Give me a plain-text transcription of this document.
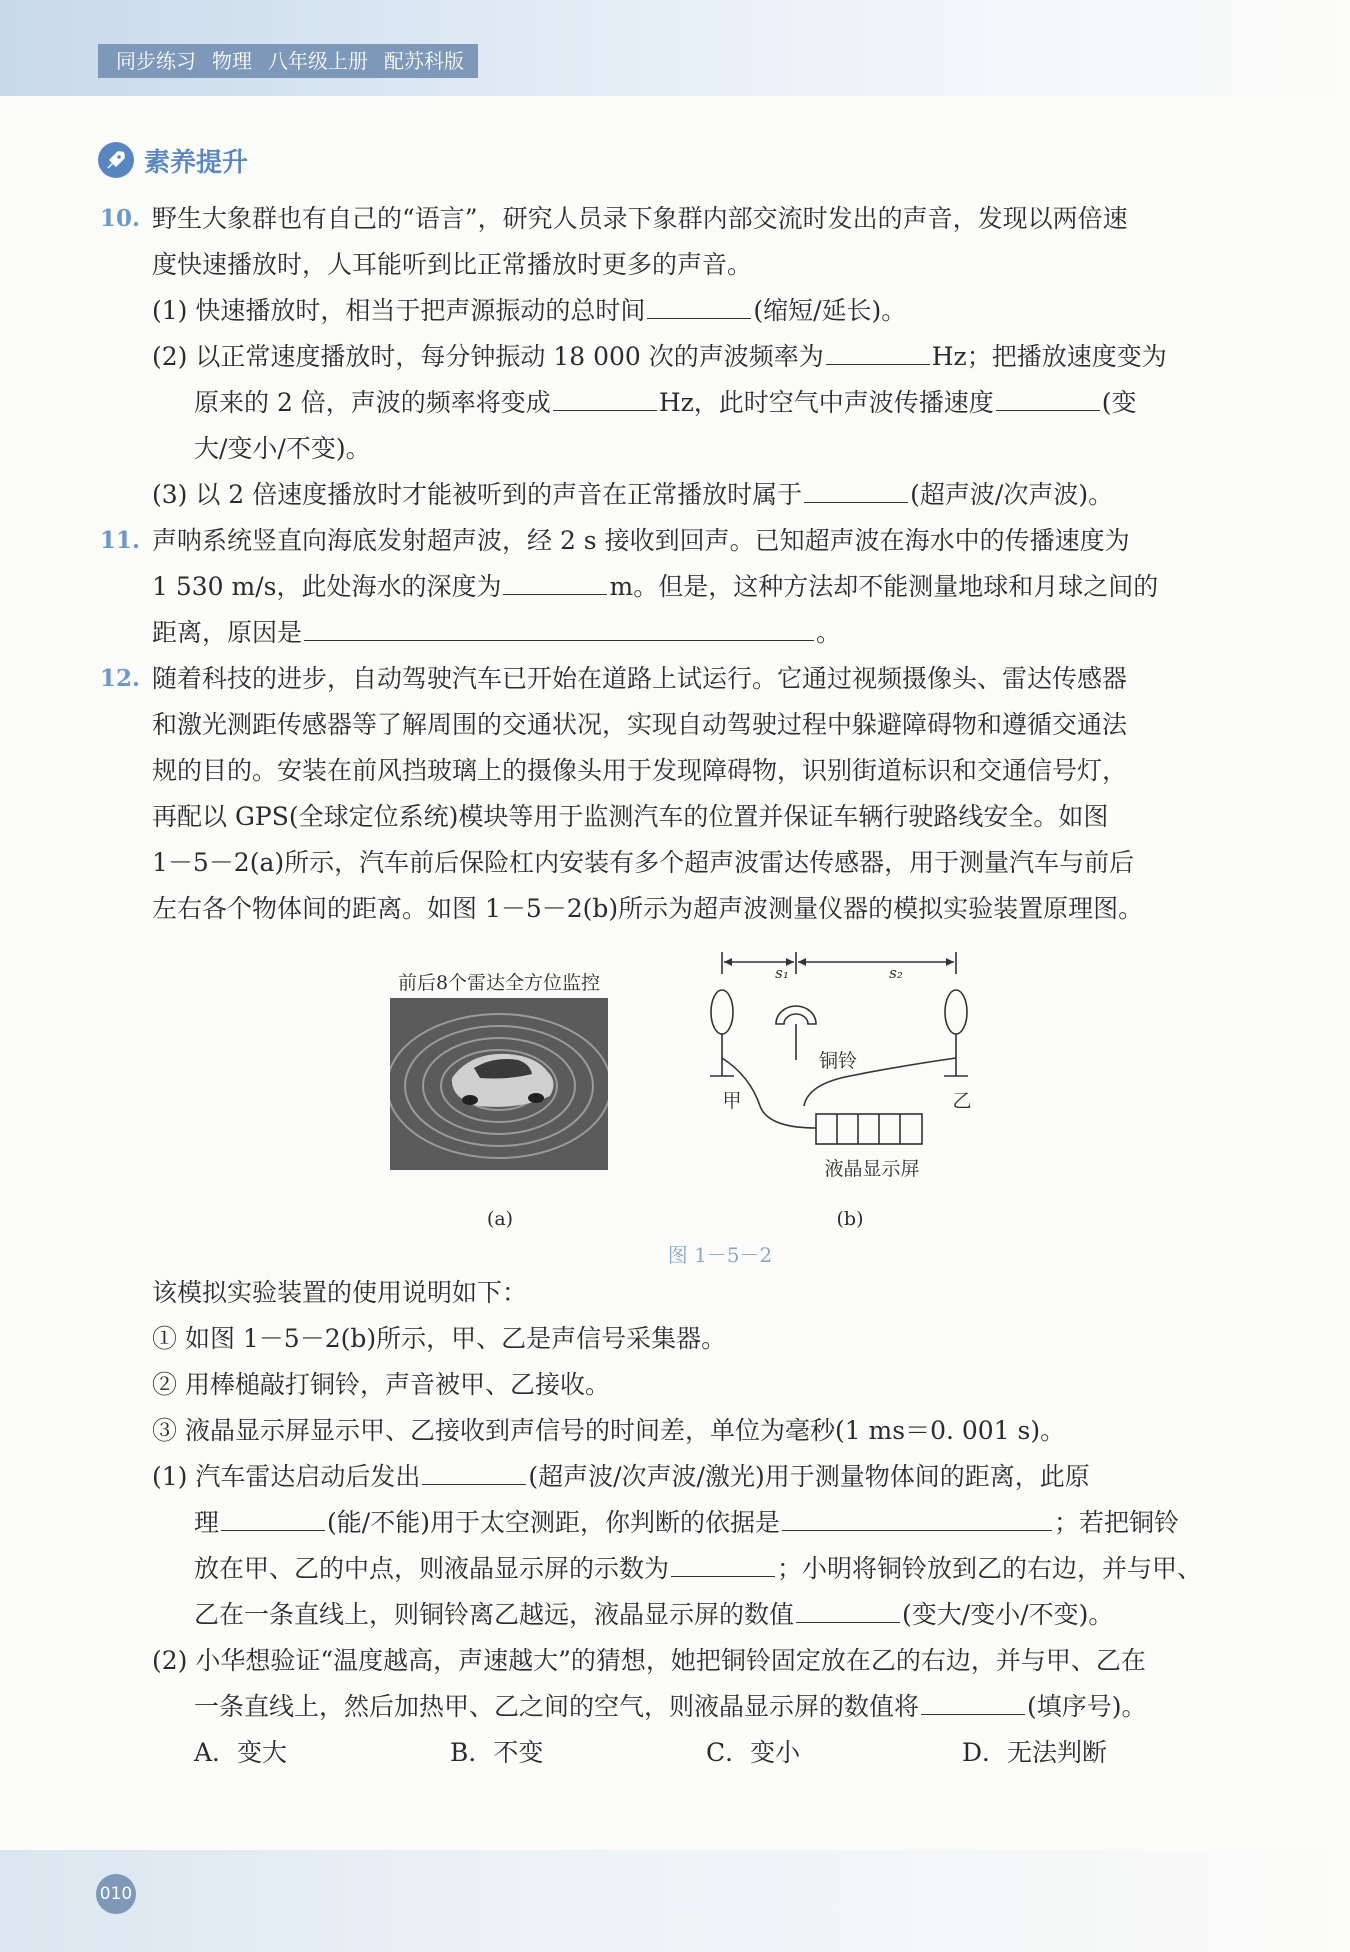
同步练习 物理 八年级上册 配苏科版
素养提升
10. 野生大象群也有自己的“语言”，研究人员录下象群内部交流时发出的声音，发现以两倍速
度快速播放时，人耳能听到比正常播放时更多的声音。
(1) 快速播放时，相当于把声源振动的总时间	(缩短/延长)。
(2) 以正常速度播放时，每分钟振动 18 000 次的声波频率为	Hz；把播放速度变为
原来的 2 倍，声波的频率将变成	Hz，此时空气中声波传播速度	(变
大/变小/不变)。
(3) 以 2 倍速度播放时才能被听到的声音在正常播放时属于	(超声波/次声波)。
11. 声呐系统竖直向海底发射超声波，经 2 s 接收到回声。已知超声波在海水中的传播速度为
1 530 m/s，此处海水的深度为	m。但是，这种方法却不能测量地球和月球之间的
距离，原因是	。
12. 随着科技的进步，自动驾驶汽车已开始在道路上试运行。它通过视频摄像头、雷达传感器
和激光测距传感器等了解周围的交通状况，实现自动驾驶过程中躲避障碍物和遵循交通法
规的目的。安装在前风挡玻璃上的摄像头用于发现障碍物，识别街道标识和交通信号灯，
再配以 GPS(全球定位系统)模块等用于监测汽车的位置并保证车辆行驶路线安全。如图
1－5－2(a)所示，汽车前后保险杠内安装有多个超声波雷达传感器，用于测量汽车与前后
左右各个物体间的距离。如图 1－5－2(b)所示为超声波测量仪器的模拟实验装置原理图。
前后8个雷达全方位监控
(a)
s₁	s₂
铜铃
甲	乙
液晶显示屏
(b)
图 1－5－2
该模拟实验装置的使用说明如下：
① 如图 1－5－2(b)所示，甲、乙是声信号采集器。
② 用棒槌敲打铜铃，声音被甲、乙接收。
③ 液晶显示屏显示甲、乙接收到声信号的时间差，单位为毫秒(1 ms＝0. 001 s)。
(1) 汽车雷达启动后发出	(超声波/次声波/激光)用于测量物体间的距离，此原
理	(能/不能)用于太空测距，你判断的依据是	；若把铜铃
放在甲、乙的中点，则液晶显示屏的示数为	；小明将铜铃放到乙的右边，并与甲、
乙在一条直线上，则铜铃离乙越远，液晶显示屏的数值	(变大/变小/不变)。
(2) 小华想验证“温度越高，声速越大”的猜想，她把铜铃固定放在乙的右边，并与甲、乙在
一条直线上，然后加热甲、乙之间的空气，则液晶显示屏的数值将	(填序号)。
A．变大	B．不变	C．变小	D．无法判断
010
